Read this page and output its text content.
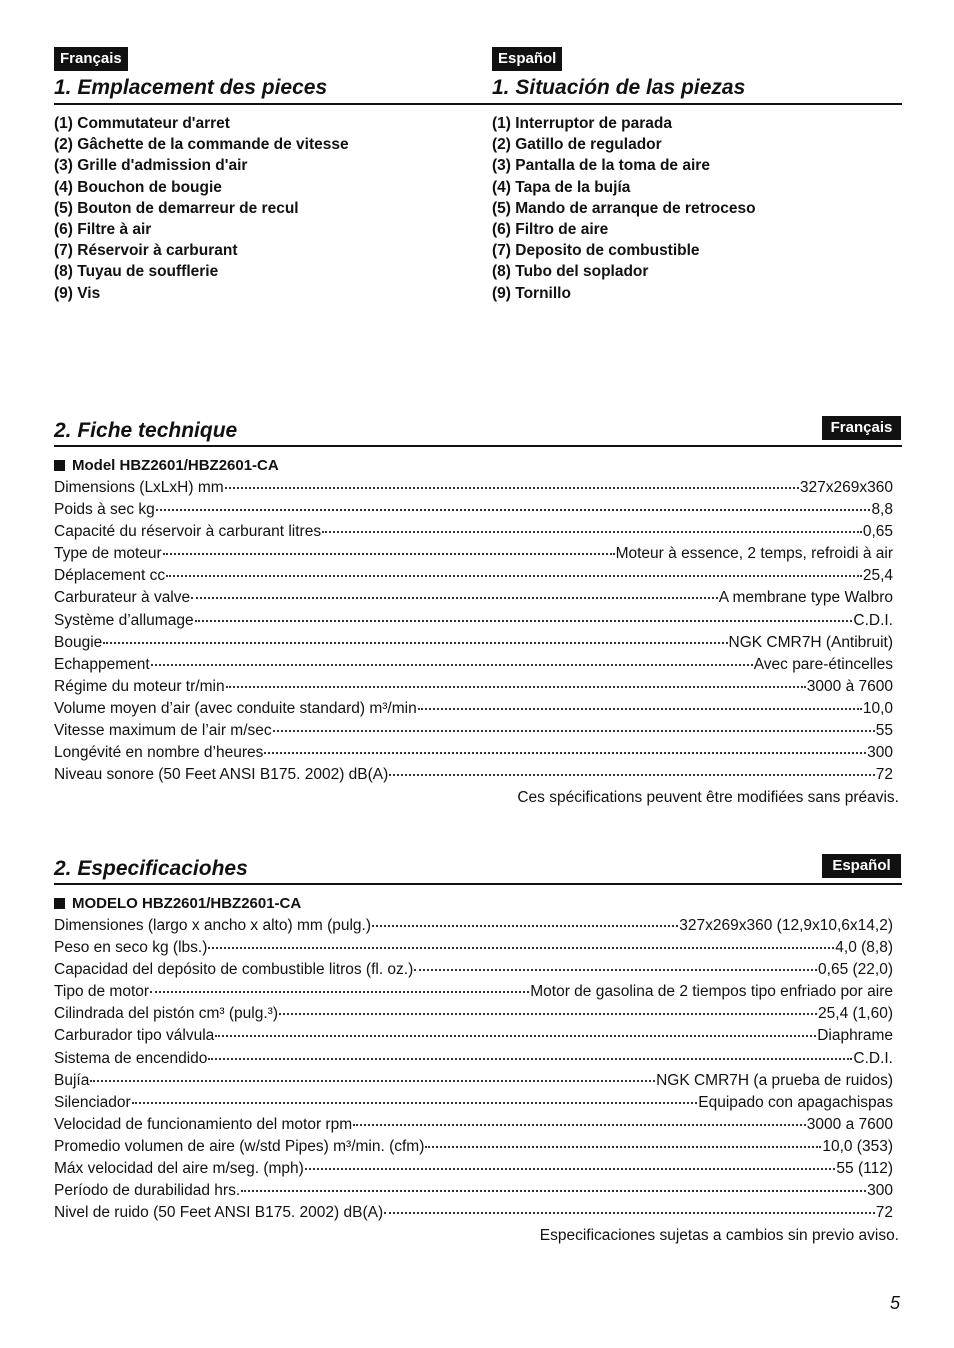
Français	Español
1. Emplacement des pieces	1. Situación de las piezas
(1) Commutateur d'arret
(2) Gâchette de la commande de vitesse
(3) Grille d'admission d'air
(4) Bouchon de bougie
(5) Bouton de demarreur de recul
(6) Filtre à air
(7) Réservoir à carburant
(8) Tuyau de soufflerie
(9) Vis
(1) Interruptor de parada
(2) Gatillo de regulador
(3) Pantalla de la toma de aire
(4) Tapa de la bujía
(5) Mando de arranque de retroceso
(6) Filtro de aire
(7) Deposito de combustible
(8) Tubo del soplador
(9) Tornillo
2. Fiche technique	Français
Model HBZ2601/HBZ2601-CA
Dimensions (LxLxH) mm	327x269x360
Poids à sec kg	8,8
Capacité du réservoir à carburant litres	0,65
Type de moteur	Moteur à essence, 2 temps, refroidi à air
Déplacement cc	25,4
Carburateur à valve	A membrane type Walbro
Système d’allumage	C.D.I.
Bougie	NGK CMR7H (Antibruit)
Echappement	Avec pare-étincelles
Régime du moteur tr/min	3000 à 7600
Volume moyen d’air (avec conduite standard) m³/min	10,0
Vitesse maximum de l’air m/sec	55
Longévité en nombre d’heures	300
Niveau sonore (50 Feet ANSI B175. 2002) dB(A)	72
Ces spécifications peuvent être modifiées sans préavis.
2. Especificaciohes	Español
MODELO HBZ2601/HBZ2601-CA
Dimensiones (largo x ancho x alto) mm (pulg.)	327x269x360 (12,9x10,6x14,2)
Peso en seco kg (lbs.)	4,0 (8,8)
Capacidad del depósito de combustible litros (fl. oz.)	0,65 (22,0)
Tipo de motor	Motor de gasolina de 2 tiempos tipo enfriado por aire
Cilindrada del pistón cm³ (pulg.³)	25,4 (1,60)
Carburador tipo válvula	Diaphrame
Sistema de encendido	C.D.I.
Bujía	NGK CMR7H (a prueba de ruidos)
Silenciador	Equipado con apagachispas
Velocidad de funcionamiento del motor rpm	3000 a 7600
Promedio volumen de aire (w/std Pipes) m³/min. (cfm)	10,0 (353)
Máx velocidad del aire m/seg. (mph)	55 (112)
Período de durabilidad hrs.	300
Nivel de ruido (50 Feet ANSI B175. 2002) dB(A)	72
Especificaciones sujetas a cambios sin previo aviso.
5
